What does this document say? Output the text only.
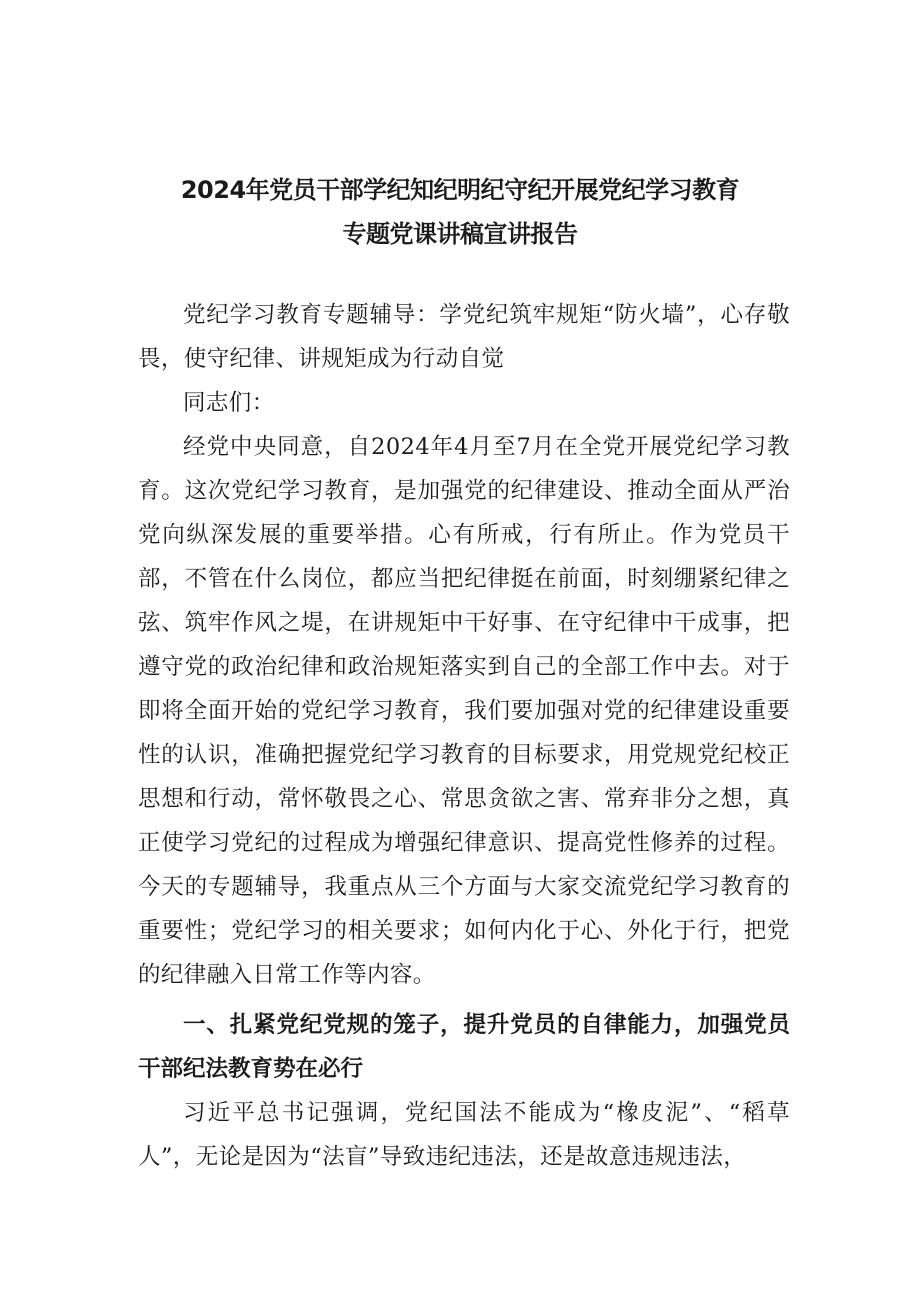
2024年党员干部学纪知纪明纪守纪开展党纪学习教育
专题党课讲稿宣讲报告

党纪学习教育专题辅导：学党纪筑牢规矩“防火墙”，心存敬畏，使守纪律、讲规矩成为行动自觉

同志们：

经党中央同意，自2024年4月至7月在全党开展党纪学习教育。这次党纪学习教育，是加强党的纪律建设、推动全面从严治党向纵深发展的重要举措。心有所戒，行有所止。作为党员干部，不管在什么岗位，都应当把纪律挺在前面，时刻绷紧纪律之弦、筑牢作风之堤，在讲规矩中干好事、在守纪律中干成事，把遵守党的政治纪律和政治规矩落实到自己的全部工作中去。对于即将全面开始的党纪学习教育，我们要加强对党的纪律建设重要性的认识，准确把握党纪学习教育的目标要求，用党规党纪校正思想和行动，常怀敬畏之心、常思贪欲之害、常弃非分之想，真正使学习党纪的过程成为增强纪律意识、提高党性修养的过程。今天的专题辅导，我重点从三个方面与大家交流党纪学习教育的重要性；党纪学习的相关要求；如何内化于心、外化于行，把党的纪律融入日常工作等内容。

一、扎紧党纪党规的笼子，提升党员的自律能力，加强党员干部纪法教育势在必行

习近平总书记强调，党纪国法不能成为“橡皮泥”、“稻草人”，无论是因为“法盲”导致违纪违法，还是故意违规违法，
